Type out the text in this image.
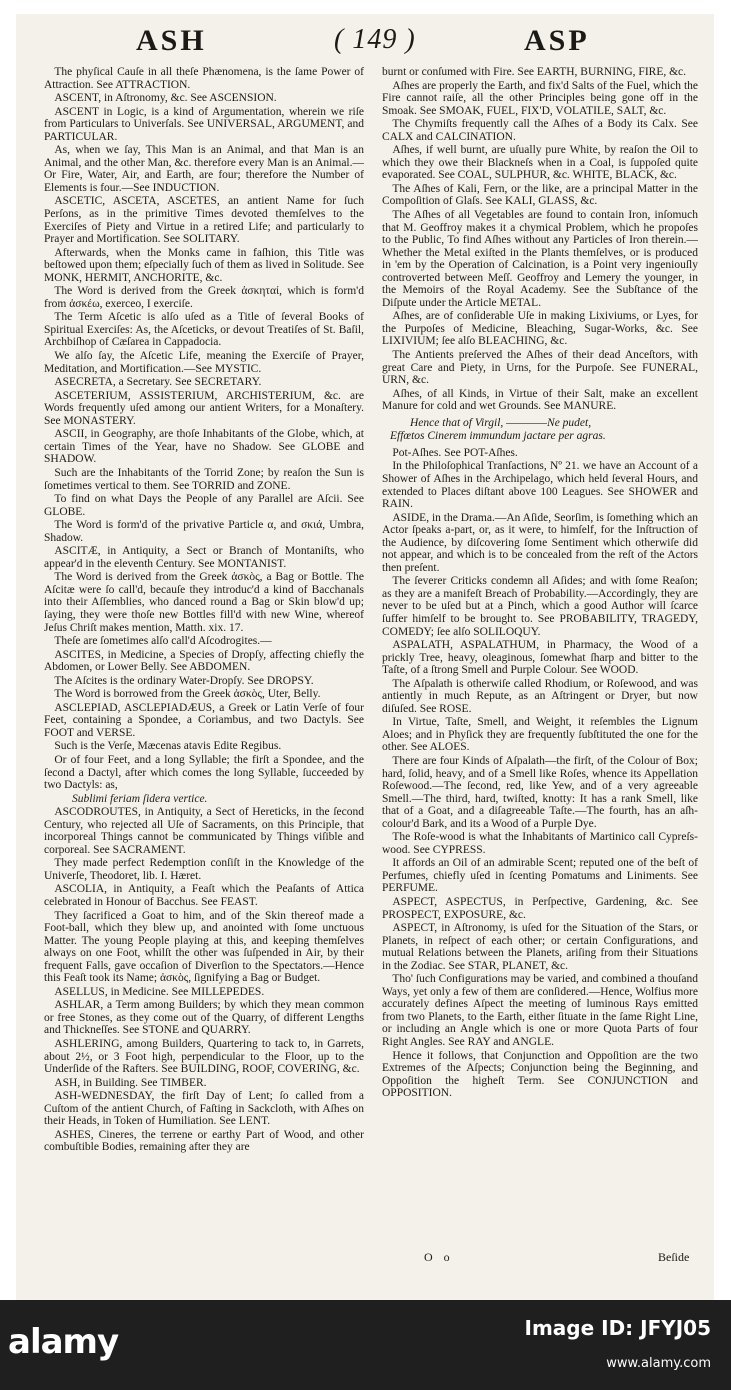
ASH	( 149 )	ASP

The phyſical Cauſe in all theſe Phænomena, is the ſame Power of Attraction. See ATTRACTION.

ASCENT, in Aſtronomy, &c. See ASCENSION.

ASCENT in Logic, is a kind of Argumentation, wherein we riſe from Particulars to Univerſals. See UNIVERSAL, ARGUMENT, and PARTICULAR.

As, when we ſay, This Man is an Animal, and that Man is an Animal, and the other Man, &c. therefore every Man is an Animal.—Or Fire, Water, Air, and Earth, are four; therefore the Number of Elements is four.—See INDUCTION.

ASCETIC, ASCETA, ASCETES, an antient Name for ſuch Perſons, as in the primitive Times devoted themſelves to the Exerciſes of Piety and Virtue in a retired Life; and particularly to Prayer and Mortification. See SOLITARY.

Afterwards, when the Monks came in faſhion, this Title was beſtowed upon them; eſpecially ſuch of them as lived in Solitude. See MONK, HERMIT, ANCHORITE, &c.

The Word is derived from the Greek ἀσκηταί, which is form'd from ἀσκέω, exerceo, I exerciſe.

The Term Aſcetic is alſo uſed as a Title of ſeveral Books of Spiritual Exerciſes: As, the Aſceticks, or devout Treatiſes of St. Baſil, Archbiſhop of Cæſarea in Cappadocia.

We alſo ſay, the Aſcetic Life, meaning the Exerciſe of Prayer, Meditation, and Mortification.—See MYSTIC.

ASECRETA, a Secretary. See SECRETARY.

ASCETERIUM, ASSISTERIUM, ARCHISTERIUM, &c. are Words frequently uſed among our antient Writers, for a Monaſtery. See MONASTERY.

ASCII, in Geography, are thoſe Inhabitants of the Globe, which, at certain Times of the Year, have no Shadow. See GLOBE and SHADOW.

Such are the Inhabitants of the Torrid Zone; by reaſon the Sun is ſometimes vertical to them. See TORRID and ZONE.

To find on what Days the People of any Parallel are Aſcii. See GLOBE.

The Word is form'd of the privative Particle α, and σκιά, Umbra, Shadow.

ASCITÆ, in Antiquity, a Sect or Branch of Montaniſts, who appear'd in the eleventh Century. See MONTANIST.

The Word is derived from the Greek ἀσκὸς, a Bag or Bottle. The Aſcitæ were ſo call'd, becauſe they introduc'd a kind of Bacchanals into their Aſſemblies, who danced round a Bag or Skin blow'd up; ſaying, they were thoſe new Bottles fill'd with new Wine, whereof Jeſus Chriſt makes mention, Matth. xix. 17.

Theſe are ſometimes alſo call'd Aſcodrogites.—

ASCITES, in Medicine, a Species of Dropſy, affecting chiefly the Abdomen, or Lower Belly. See ABDOMEN.

The Aſcites is the ordinary Water-Dropſy. See DROPSY.

The Word is borrowed from the Greek ἀσκὸς, Uter, Belly.

ASCLEPIAD, ASCLEPIADÆUS, a Greek or Latin Verſe of four Feet, containing a Spondee, a Coriambus, and two Dactyls. See FOOT and VERSE.

Such is the Verſe, Mæcenas atavis Edite Regibus.

Or of four Feet, and a long Syllable; the firſt a Spondee, and the ſecond a Dactyl, after which comes the long Syllable, ſucceeded by two Dactyls: as,

Sublimi feriam ſidera vertice.

ASCODROUTES, in Antiquity, a Sect of Hereticks, in the ſecond Century, who rejected all Uſe of Sacraments, on this Principle, that incorporeal Things cannot be communicated by Things viſible and corporeal. See SACRAMENT.

They made perfect Redemption conſiſt in the Knowledge of the Univerſe, Theodoret, lib. I. Hæret.

ASCOLIA, in Antiquity, a Feaſt which the Peaſants of Attica celebrated in Honour of Bacchus. See FEAST.

They ſacrificed a Goat to him, and of the Skin thereof made a Foot-ball, which they blew up, and anointed with ſome unctuous Matter. The young People playing at this, and keeping themſelves always on one Foot, whilſt the other was ſuſpended in Air, by their frequent Falls, gave occaſion of Diverſion to the Spectators.—Hence this Feaſt took its Name; ἀσκὸς, ſignifying a Bag or Budget.

ASELLUS, in Medicine. See MILLEPEDES.

ASHLAR, a Term among Builders; by which they mean common or free Stones, as they come out of the Quarry, of different Lengths and Thickneſſes. See STONE and QUARRY.

ASHLERING, among Builders, Quartering to tack to, in Garrets, about 2½, or 3 Foot high, perpendicular to the Floor, up to the Underſide of the Rafters. See BUILDING, ROOF, COVERING, &c.

ASH, in Building. See TIMBER.

ASH-WEDNESDAY, the firſt Day of Lent; ſo called from a Cuſtom of the antient Church, of Faſting in Sackcloth, with Aſhes on their Heads, in Token of Humiliation. See LENT.

ASHES, Cineres, the terrene or earthy Part of Wood, and other combuſtible Bodies, remaining after they are

burnt or conſumed with Fire. See EARTH, BURNING, FIRE, &c.

Aſhes are properly the Earth, and fix'd Salts of the Fuel, which the Fire cannot raiſe, all the other Principles being gone off in the Smoak. See SMOAK, FUEL, FIX'D, VOLATILE, SALT, &c.

The Chymiſts frequently call the Aſhes of a Body its Calx. See CALX and CALCINATION.

Aſhes, if well burnt, are uſually pure White, by reaſon the Oil to which they owe their Blackneſs when in a Coal, is ſuppoſed quite evaporated. See COAL, SULPHUR, &c. WHITE, BLACK, &c.

The Aſhes of Kali, Fern, or the like, are a principal Matter in the Compoſition of Glaſs. See KALI, GLASS, &c.

The Aſhes of all Vegetables are found to contain Iron, inſomuch that M. Geoffroy makes it a chymical Problem, which he propoſes to the Public, To find Aſhes without any Particles of Iron therein.—Whether the Metal exiſted in the Plants themſelves, or is produced in 'em by the Operation of Calcination, is a Point very ingeniouſly controverted between Meſſ. Geoffroy and Lemery the younger, in the Memoirs of the Royal Academy. See the Subſtance of the Diſpute under the Article METAL.

Aſhes, are of conſiderable Uſe in making Lixiviums, or Lyes, for the Purpoſes of Medicine, Bleaching, Sugar-Works, &c. See LIXIVIUM; ſee alſo BLEACHING, &c.

The Antients preſerved the Aſhes of their dead Anceſtors, with great Care and Piety, in Urns, for the Purpoſe. See FUNERAL, URN, &c.

Aſhes, of all Kinds, in Virtue of their Salt, make an excellent Manure for cold and wet Grounds. See MANURE.

Hence that of Virgil, ————Ne pudet,

Effœtos Cinerem immundum jactare per agras.

Pot-Aſhes. See POT-Aſhes.

In the Philoſophical Tranſactions, Nº 21. we have an Account of a Shower of Aſhes in the Archipelago, which held ſeveral Hours, and extended to Places diſtant above 100 Leagues. See SHOWER and RAIN.

ASIDE, in the Drama.—An Aſide, Seorſim, is ſomething which an Actor ſpeaks a-part, or, as it were, to himſelf, for the Inſtruction of the Audience, by diſcovering ſome Sentiment which otherwiſe did not appear, and which is to be concealed from the reſt of the Actors then preſent.

The ſeverer Criticks condemn all Aſides; and with ſome Reaſon; as they are a manifeſt Breach of Probability.—Accordingly, they are never to be uſed but at a Pinch, which a good Author will ſcarce ſuffer himſelf to be brought to. See PROBABILITY, TRAGEDY, COMEDY; ſee alſo SOLILOQUY.

ASPALATH, ASPALATHUM, in Pharmacy, the Wood of a prickly Tree, heavy, oleaginous, ſomewhat ſharp and bitter to the Taſte, of a ſtrong Smell and Purple Colour. See WOOD.

The Aſpalath is otherwiſe called Rhodium, or Roſewood, and was antiently in much Repute, as an Aſtringent or Dryer, but now diſuſed. See ROSE.

In Virtue, Taſte, Smell, and Weight, it reſembles the Lignum Aloes; and in Phyſick they are frequently ſubſtituted the one for the other. See ALOES.

There are four Kinds of Aſpalath—the firſt, of the Colour of Box; hard, ſolid, heavy, and of a Smell like Roſes, whence its Appellation Roſewood.—The ſecond, red, like Yew, and of a very agreeable Smell.—The third, hard, twiſted, knotty: It has a rank Smell, like that of a Goat, and a diſagreeable Taſte.—The fourth, has an aſh-colour'd Bark, and its a Wood of a Purple Dye.

The Roſe-wood is what the Inhabitants of Martinico call Cypreſs-wood. See CYPRESS.

It affords an Oil of an admirable Scent; reputed one of the beſt of Perfumes, chiefly uſed in ſcenting Pomatums and Liniments. See PERFUME.

ASPECT, ASPECTUS, in Perſpective, Gardening, &c. See PROSPECT, EXPOSURE, &c.

ASPECT, in Aſtronomy, is uſed for the Situation of the Stars, or Planets, in reſpect of each other; or certain Configurations, and mutual Relations between the Planets, ariſing from their Situations in the Zodiac. See STAR, PLANET, &c.

Tho' ſuch Configurations may be varied, and combined a thouſand Ways, yet only a few of them are conſidered.—Hence, Wolfius more accurately defines Aſpect the meeting of luminous Rays emitted from two Planets, to the Earth, either ſituate in the ſame Right Line, or including an Angle which is one or more Quota Parts of four Right Angles. See RAY and ANGLE.

Hence it follows, that Conjunction and Oppoſition are the two Extremes of the Aſpects; Conjunction being the Beginning, and Oppoſition the higheſt Term. See CONJUNCTION and OPPOSITION.

O o	Beſide
alamy	Image ID: JFYJ05
www.alamy.com
